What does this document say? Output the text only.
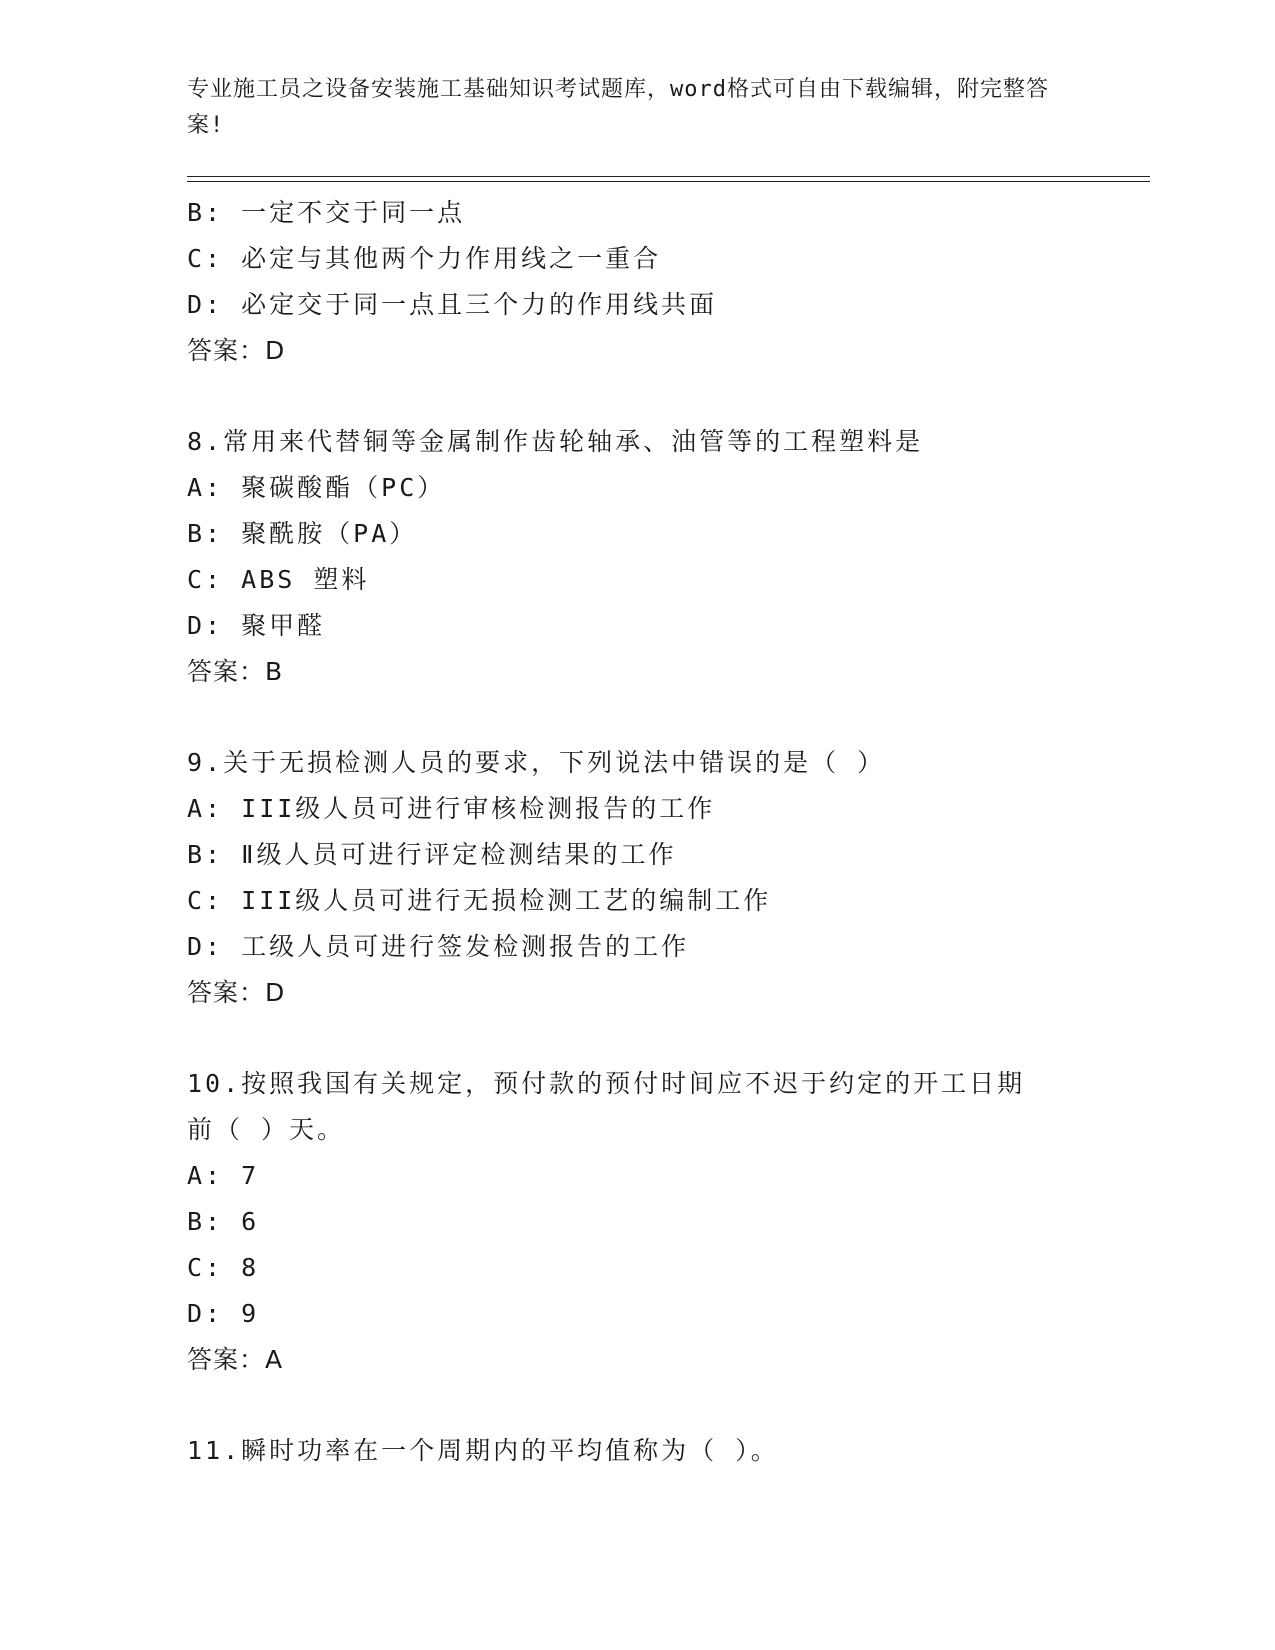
专业施工员之设备安装施工基础知识考试题库，word格式可自由下载编辑，附完整答案!
B: 一定不交于同一点
C: 必定与其他两个力作用线之一重合
D: 必定交于同一点且三个力的作用线共面
答案：D
8.常用来代替铜等金属制作齿轮轴承、油管等的工程塑料是
A: 聚碳酸酯（PC）
B: 聚酰胺（PA）
C: ABS 塑料
D: 聚甲醛
答案：B
9.关于无损检测人员的要求，下列说法中错误的是（ ）
A: III级人员可进行审核检测报告的工作
B: Ⅱ级人员可进行评定检测结果的工作
C: III级人员可进行无损检测工艺的编制工作
D: 工级人员可进行签发检测报告的工作
答案：D
10.按照我国有关规定，预付款的预付时间应不迟于约定的开工日期前（ ）天。
A: 7
B: 6
C: 8
D: 9
答案：A
11.瞬时功率在一个周期内的平均值称为（ ）。
